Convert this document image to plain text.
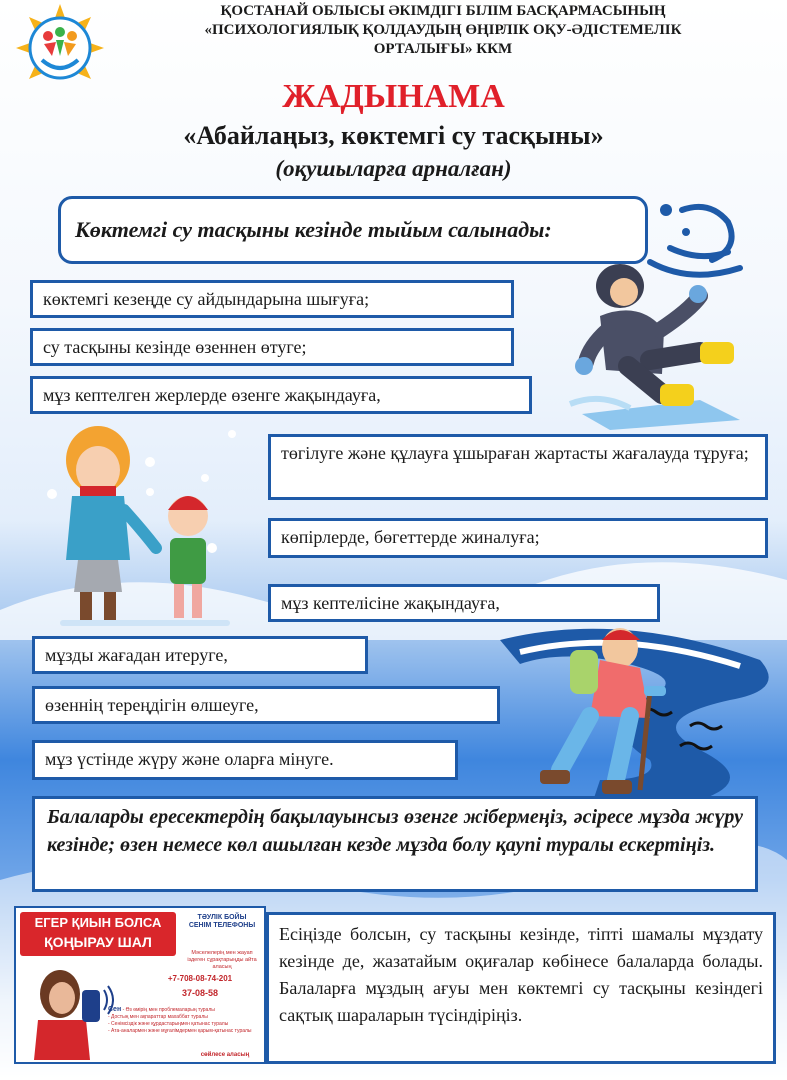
ҚОСТАНАЙ ОБЛЫСЫ ӘКІМДІГІ БІЛІМ БАСҚАРМАСЫНЫҢ
«ПСИХОЛОГИЯЛЫҚ ҚОЛДАУДЫҢ ӨҢІРЛІК ОҚУ-ӘДІСТЕМЕЛІК
ОРТАЛЫҒЫ» ККМ
ЖАДЫНАМА
«Абайлаңыз, көктемгі су тасқыны»
(оқушыларға арналған)
Көктемгі су тасқыны кезінде тыйым салынады:
көктемгі кезеңде су айдындарына шығуға;
су тасқыны кезінде өзеннен өтуге;
мұз кептелген жерлерде өзенге жақындауға,
төгілуге және құлауға ұшыраған жартасты жағалауда тұруға;
көпірлерде, бөгеттерде жиналуға;
мұз кептелісіне жақындауға,
мұзды жағадан итеруге,
өзеннің тереңдігін өлшеуге,
мұз үстінде жүру және оларға мінуге.
Балаларды ересектердің бақылауынсыз өзенге жібермеңіз, әсіресе мұзда жүру кезінде; өзен немесе көл ашылған кезде мұзда болу қаупі туралы ескертіңіз.
ЕГЕР ҚИЫН БОЛСА
ҚОҢЫРАУ ШАЛ
ТӘУЛІК БОЙЫ
СЕНІМ ТЕЛЕФОНЫ
Мәселелерің мен жауап іздеген сұрақтарыңды айта аласың
+7-708-08-74-201
37-08-58
Сен - Өз өмірің мен проблемаларың туралы
- Достың мен ақпараттар махаббат туралы
- Сенімсіздік және құрдастарыңмен қатынас туралы
- Ата-аналармен және мұғалімдермен қарым-қатынас туралы
сөйлесе аласың
Есіңізде болсын, су тасқыны кезінде, тіпті шамалы мұздату кезінде де, жазатайым оқиғалар көбінесе балаларда болады. Балаларға мұздың ағуы мен көктемгі су тасқыны кезіндегі сақтық шараларын түсіндіріңіз.
